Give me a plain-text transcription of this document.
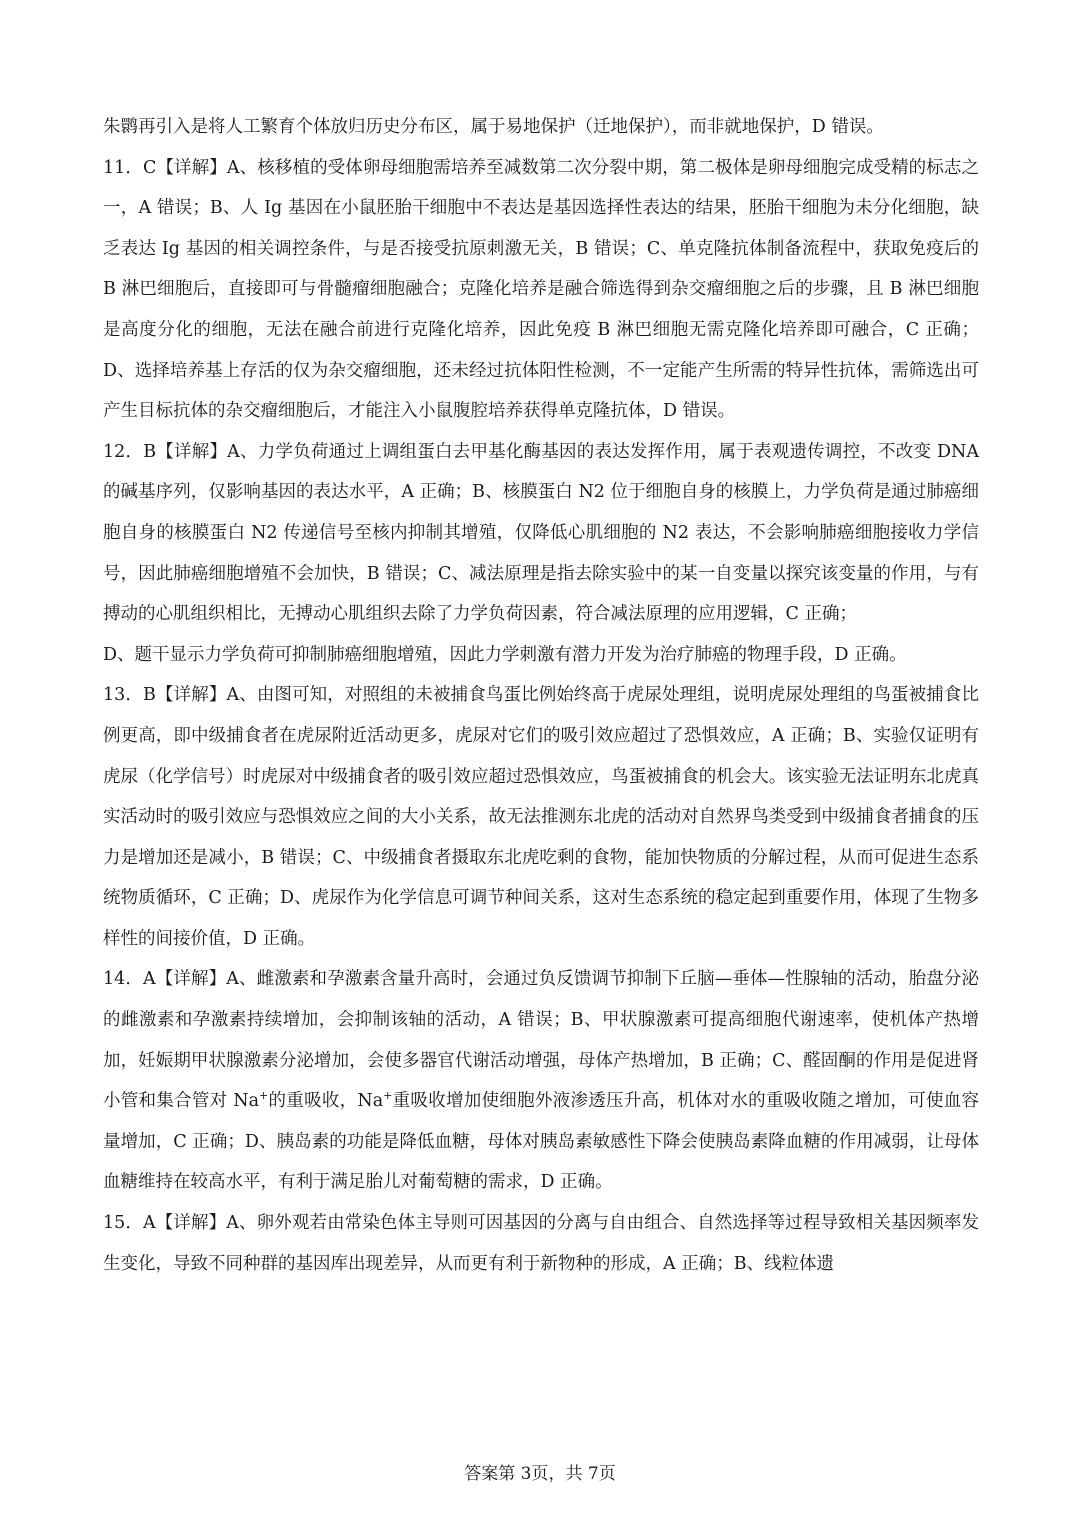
朱鹮再引入是将人工繁育个体放归历史分布区，属于易地保护（迁地保护），而非就地保护，D 错误。

11．C【详解】A、核移植的受体卵母细胞需培养至减数第二次分裂中期，第二极体是卵母细胞完成受精的标志之一，A 错误；B、人 Ig 基因在小鼠胚胎干细胞中不表达是基因选择性表达的结果，胚胎干细胞为未分化细胞，缺乏表达 Ig 基因的相关调控条件，与是否接受抗原刺激无关，B 错误；C、单克隆抗体制备流程中，获取免疫后的 B 淋巴细胞后，直接即可与骨髓瘤细胞融合；克隆化培养是融合筛选得到杂交瘤细胞之后的步骤，且 B 淋巴细胞是高度分化的细胞，无法在融合前进行克隆化培养，因此免疫 B 淋巴细胞无需克隆化培养即可融合，C 正确；D、选择培养基上存活的仅为杂交瘤细胞，还未经过抗体阳性检测，不一定能产生所需的特异性抗体，需筛选出可产生目标抗体的杂交瘤细胞后，才能注入小鼠腹腔培养获得单克隆抗体，D 错误。

12．B【详解】A、力学负荷通过上调组蛋白去甲基化酶基因的表达发挥作用，属于表观遗传调控，不改变 DNA 的碱基序列，仅影响基因的表达水平，A 正确；B、核膜蛋白 N2 位于细胞自身的核膜上，力学负荷是通过肺癌细胞自身的核膜蛋白 N2 传递信号至核内抑制其增殖，仅降低心肌细胞的 N2 表达，不会影响肺癌细胞接收力学信号，因此肺癌细胞增殖不会加快，B 错误；C、减法原理是指去除实验中的某一自变量以探究该变量的作用，与有搏动的心肌组织相比，无搏动心肌组织去除了力学负荷因素，符合减法原理的应用逻辑，C 正确；

D、题干显示力学负荷可抑制肺癌细胞增殖，因此力学刺激有潜力开发为治疗肺癌的物理手段，D 正确。

13．B【详解】A、由图可知，对照组的未被捕食鸟蛋比例始终高于虎尿处理组，说明虎尿处理组的鸟蛋被捕食比例更高，即中级捕食者在虎尿附近活动更多，虎尿对它们的吸引效应超过了恐惧效应，A 正确；B、实验仅证明有虎尿（化学信号）时虎尿对中级捕食者的吸引效应超过恐惧效应，鸟蛋被捕食的机会大。该实验无法证明东北虎真实活动时的吸引效应与恐惧效应之间的大小关系，故无法推测东北虎的活动对自然界鸟类受到中级捕食者捕食的压力是增加还是减小，B 错误；C、中级捕食者摄取东北虎吃剩的食物，能加快物质的分解过程，从而可促进生态系统物质循环，C 正确；D、虎尿作为化学信息可调节种间关系，这对生态系统的稳定起到重要作用，体现了生物多样性的间接价值，D 正确。

14．A【详解】A、雌激素和孕激素含量升高时，会通过负反馈调节抑制下丘脑—垂体—性腺轴的活动，胎盘分泌的雌激素和孕激素持续增加，会抑制该轴的活动，A 错误；B、甲状腺激素可提高细胞代谢速率，使机体产热增加，妊娠期甲状腺激素分泌增加，会使多器官代谢活动增强，母体产热增加，B 正确；C、醛固酮的作用是促进肾小管和集合管对 Na+的重吸收，Na+重吸收增加使细胞外液渗透压升高，机体对水的重吸收随之增加，可使血容量增加，C 正确；D、胰岛素的功能是降低血糖，母体对胰岛素敏感性下降会使胰岛素降血糖的作用减弱，让母体血糖维持在较高水平，有利于满足胎儿对葡萄糖的需求，D 正确。

15．A【详解】A、卵外观若由常染色体主导则可因基因的分离与自由组合、自然选择等过程导致相关基因频率发生变化，导致不同种群的基因库出现差异，从而更有利于新物种的形成，A 正确；B、线粒体遗

答案第 3页，共 7页
